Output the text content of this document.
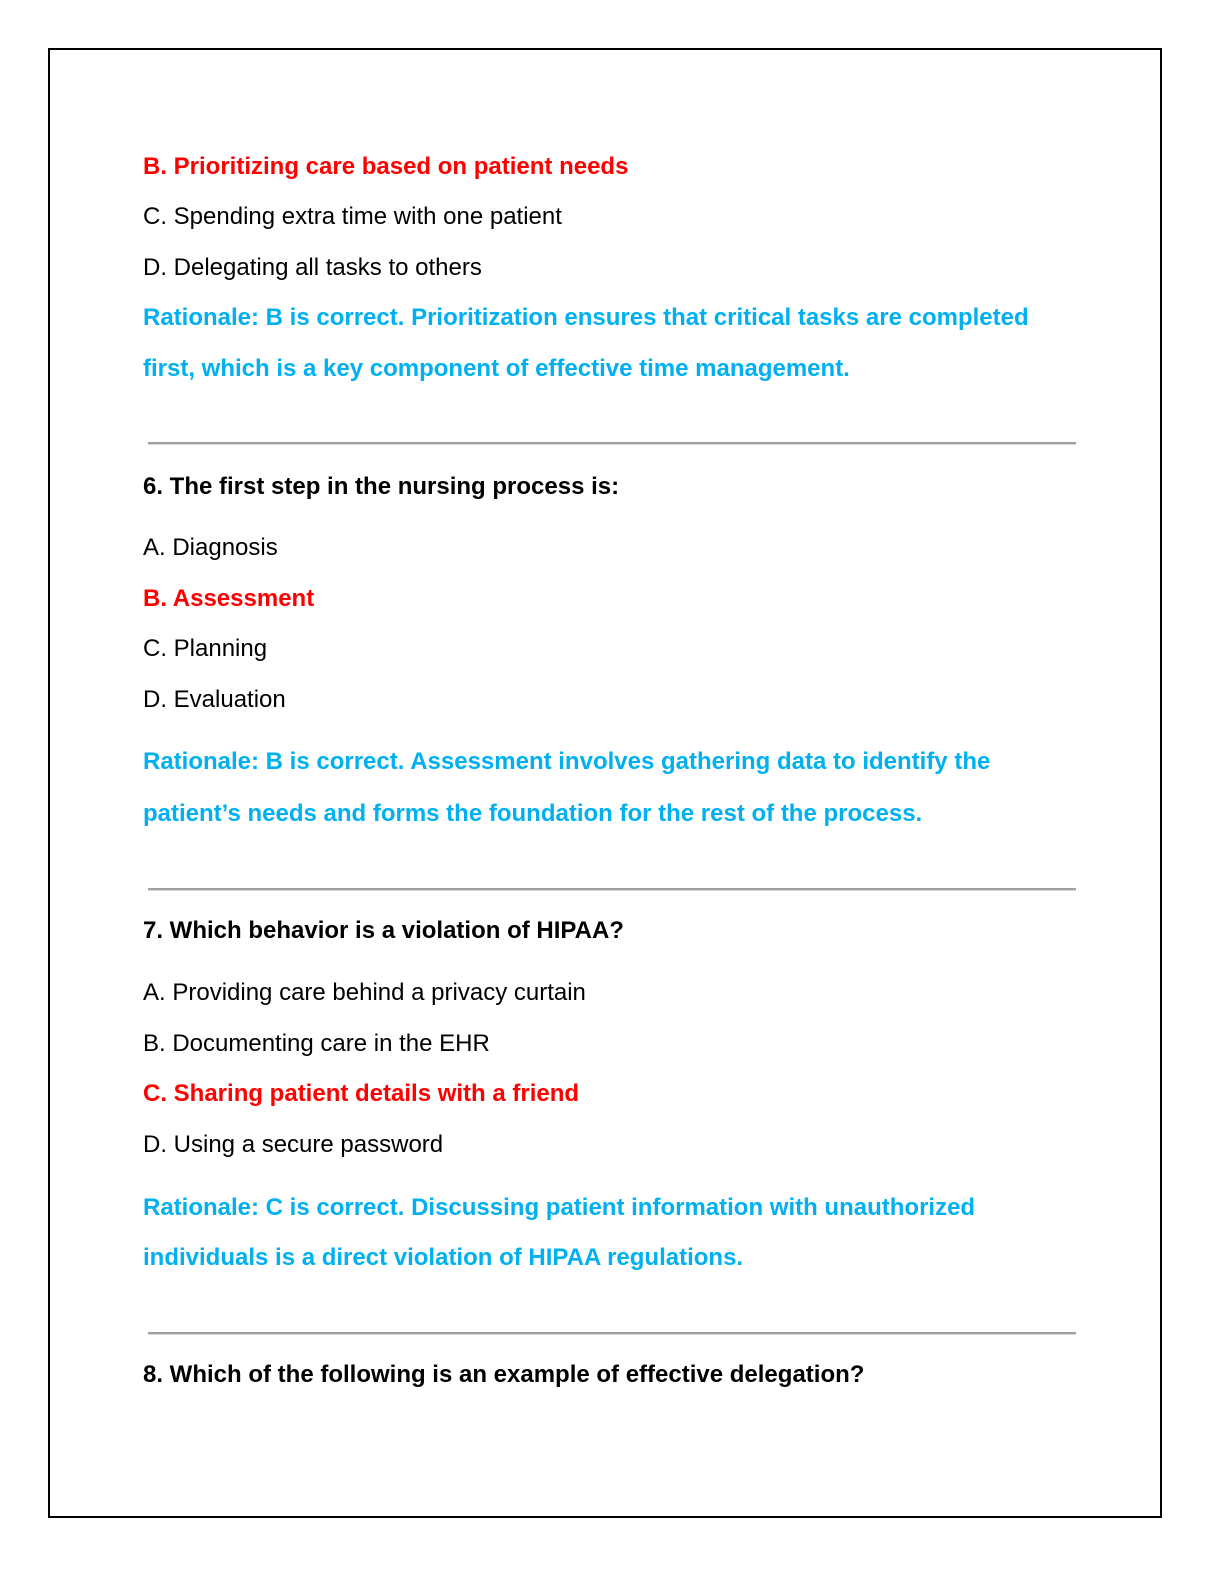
B. Prioritizing care based on patient needs
C. Spending extra time with one patient
D. Delegating all tasks to others
Rationale: B is correct. Prioritization ensures that critical tasks are completed
first, which is a key component of effective time management.
6. The first step in the nursing process is:
A. Diagnosis
B. Assessment
C. Planning
D. Evaluation
Rationale: B is correct. Assessment involves gathering data to identify the
patient’s needs and forms the foundation for the rest of the process.
7. Which behavior is a violation of HIPAA?
A. Providing care behind a privacy curtain
B. Documenting care in the EHR
C. Sharing patient details with a friend
D. Using a secure password
Rationale: C is correct. Discussing patient information with unauthorized
individuals is a direct violation of HIPAA regulations.
8. Which of the following is an example of effective delegation?
